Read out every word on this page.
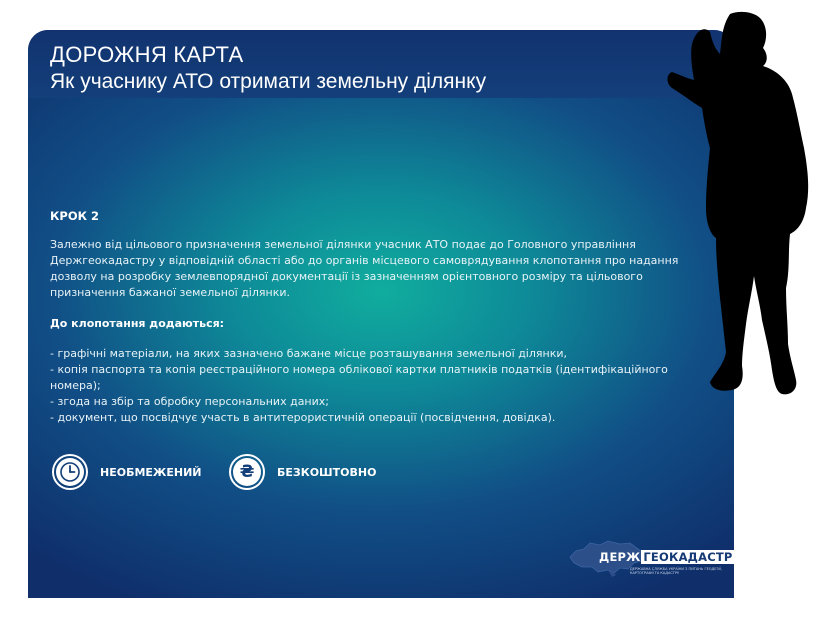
ДОРОЖНЯ КАРТА
Як учаснику АТО отримати земельну ділянку
КРОК 2
Залежно від цільового призначення земельної ділянки учасник АТО подає до Головного управління Держгеокадастру у відповідній області або до органів місцевого самоврядування клопотання про надання дозволу на розробку землевпорядної документації із зазначенням орієнтовного розміру та цільового призначення бажаної земельної ділянки.
До клопотання додаються:
- графічні матеріали, на яких зазначено бажане місце розташування земельної ділянки,
- копія паспорта та копія реєстраційного номера облікової картки платників податків (ідентифікаційного номера);
- згода на збір та обробку персональних даних;
- документ, що посвідчує участь в антитерористичній операції (посвідчення, довідка).
НЕОБМЕЖЕНИЙ	₴	БЕЗКОШТОВНО
ДЕРЖ ГЕОКАДАСТР
ДЕРЖАВНА СЛУЖБА УКРАЇНИ З ПИТАНЬ ГЕОДЕЗІЇ, КАРТОГРАФІЇ ТА КАДАСТРУ
